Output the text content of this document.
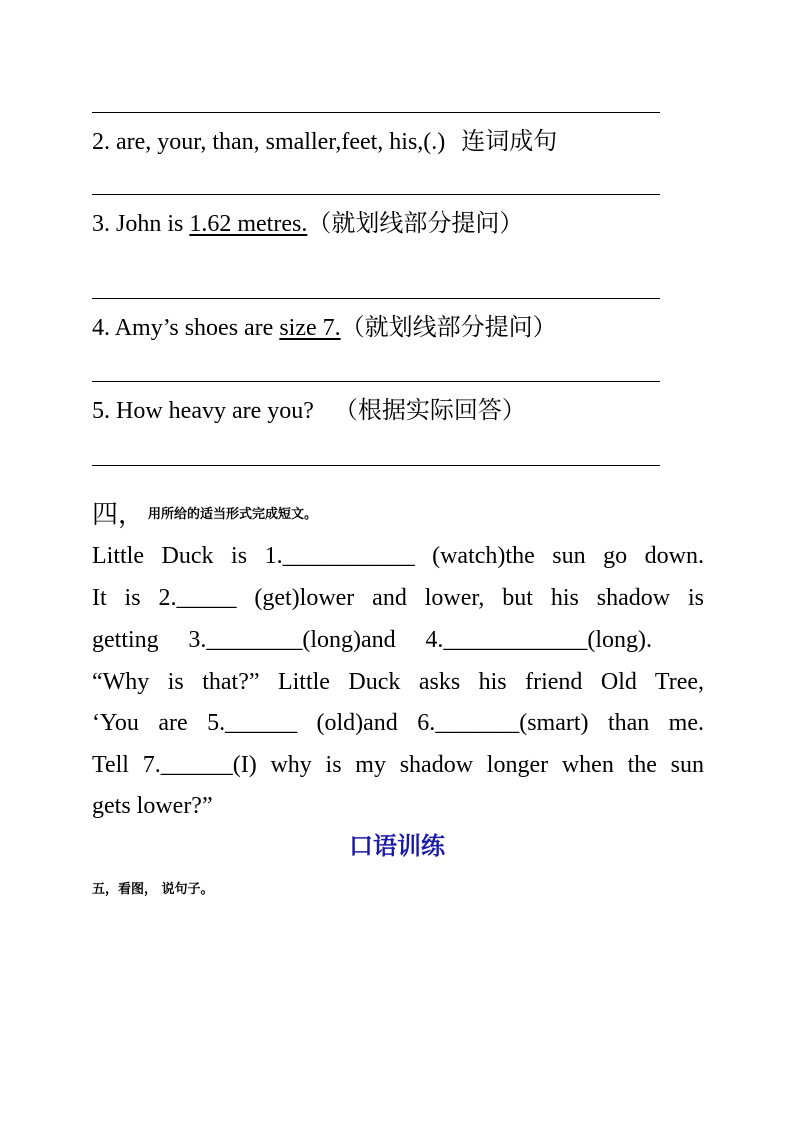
2. are, your, than, smaller,feet, his,(.) 连词成句
3. John is 1.62 metres.（就划线部分提问）
4. Amy’s shoes are size 7.（就划线部分提问）
5. How heavy are you? （根据实际回答）
四， 用所给的适当形式完成短文。
Little Duck is 1.___________ (watch)the sun go down.
It is 2._____ (get)lower and lower, but his shadow is
getting 3.________(long)and 4.____________(long).
“Why is that?” Little Duck asks his friend Old Tree,
‘You are 5.______ (old)and 6._______(smart) than me.
Tell 7.______(I) why is my shadow longer when the sun
gets lower?”
口语训练
五，看图， 说句子。
